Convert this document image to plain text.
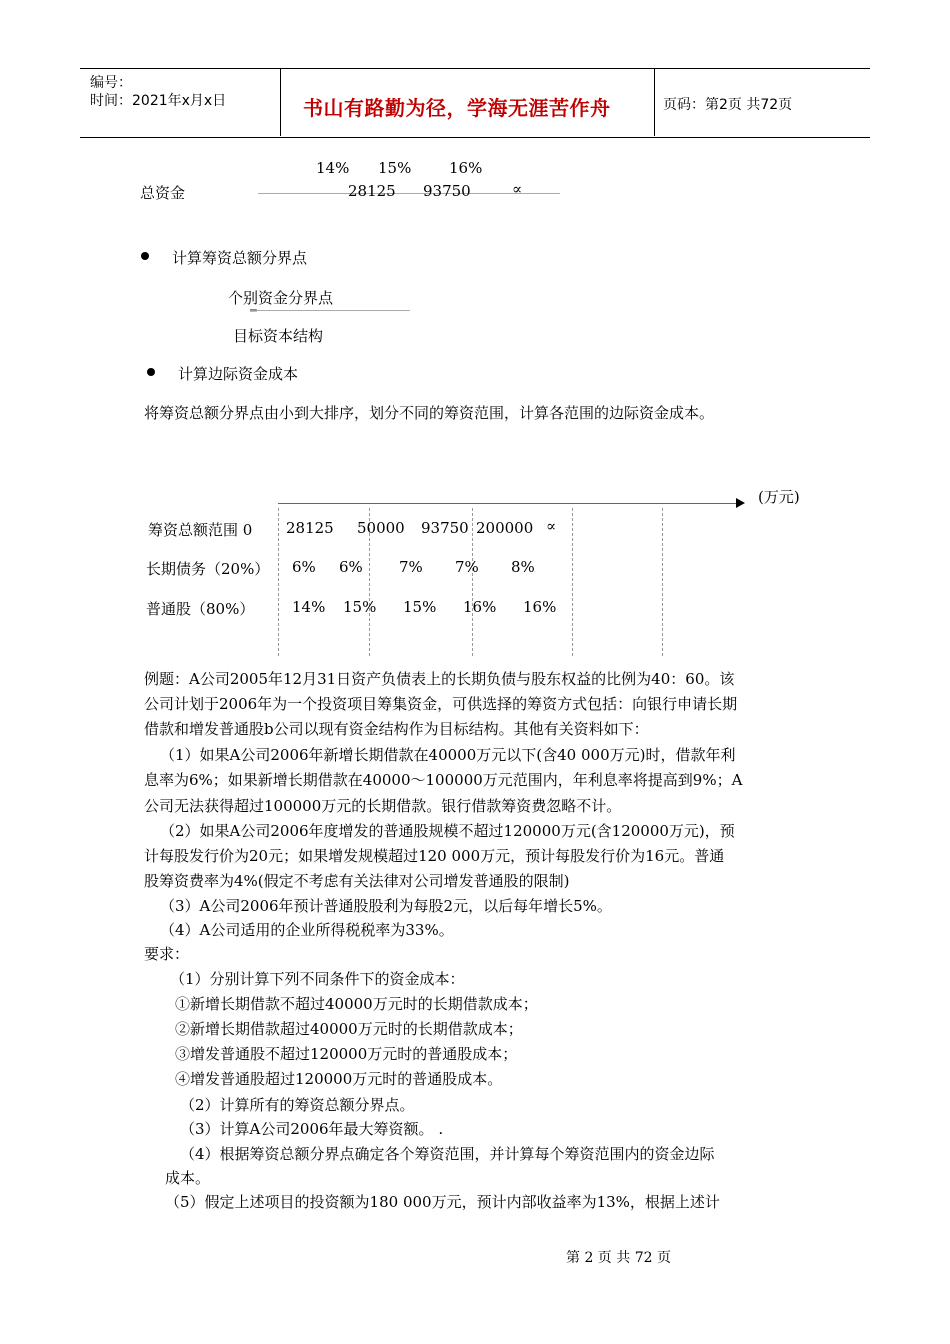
编号：
时间：2021年x月x日	书山有路勤为径，学海无涯苦作舟	页码：第2页 共72页
14% 15%	16%
总资金	28125 93750	∝
计算筹资总额分界点
个别资金分界点
═
目标资本结构
计算边际资金成本
将筹资总额分界点由小到大排序，划分不同的筹资范围，计算各范围的边际资金成本。
(万元)
筹资总额范围 0 28125 50000 93750 200000 ∝
长期债务（20%） 6% 6% 7% 7% 8%
普通股（80%）	14% 15% 15% 16% 16%
例题：A公司2005年12月31日资产负债表上的长期负债与股东权益的比例为40：60。该
公司计划于2006年为一个投资项目筹集资金，可供选择的筹资方式包括：向银行申请长期
借款和增发普通股b公司以现有资金结构作为目标结构。其他有关资料如下：
（1）如果A公司2006年新增长期借款在40000万元以下(含40 000万元)时，借款年利
息率为6%；如果新增长期借款在40000～100000万元范围内，年利息率将提高到9%；A
公司无法获得超过100000万元的长期借款。银行借款筹资费忽略不计。
（2）如果A公司2006年度增发的普通股规模不超过120000万元(含120000万元)，预
计每股发行价为20元；如果增发规模超过120 000万元，预计每股发行价为16元。普通
股筹资费率为4%(假定不考虑有关法律对公司增发普通股的限制)
（3）A公司2006年预计普通股股利为每股2元，以后每年增长5%。
（4）A公司适用的企业所得税税率为33%。
要求：
（1）分别计算下列不同条件下的资金成本：
①新增长期借款不超过40000万元时的长期借款成本；
②新增长期借款超过40000万元时的长期借款成本；
③增发普通股不超过120000万元时的普通股成本；
④增发普通股超过120000万元时的普通股成本。
（2）计算所有的筹资总额分界点。
（3）计算A公司2006年最大筹资额。 .
（4）根据筹资总额分界点确定各个筹资范围，并计算每个筹资范围内的资金边际
成本。
（5）假定上述项目的投资额为180 000万元，预计内部收益率为13%，根据上述计
第 2 页 共 72 页
